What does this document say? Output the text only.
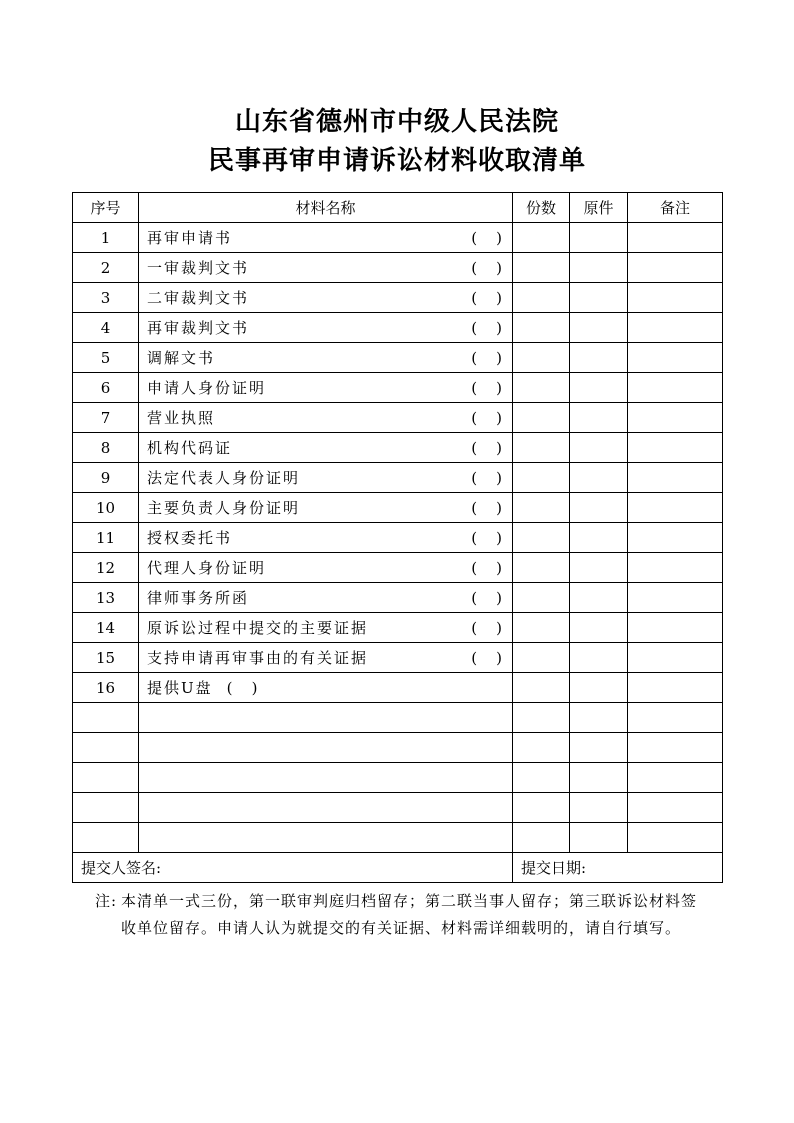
山东省德州市中级人民法院
民事再审申请诉讼材料收取清单
序号	材料名称	份数	原件	备注
1	再审申请书 (    )			

2	一审裁判文书 (    )			

3	二审裁判文书 (    )			

4	再审裁判文书 (    )			

5	调解文书 (    )			

6	申请人身份证明 (    )			

7	营业执照 (    )			

8	机构代码证 (    )			

9	法定代表人身份证明 (    )			

10	主要负责人身份证明 (    )			

11	授权委托书 (    )			

12	代理人身份证明 (    )			

13	律师事务所函 (    )			

14	原诉讼过程中提交的主要证据 (    )			

15	支持申请再审事由的有关证据 (    )			

16	提供U盘 (    )			

提交人签名:		提交日期:		
注: 本清单一式三份，第一联审判庭归档留存；第二联当事人留存；第三联诉讼材料签收单位留存。申请人认为就提交的有关证据、材料需详细载明的，请自行填写。
